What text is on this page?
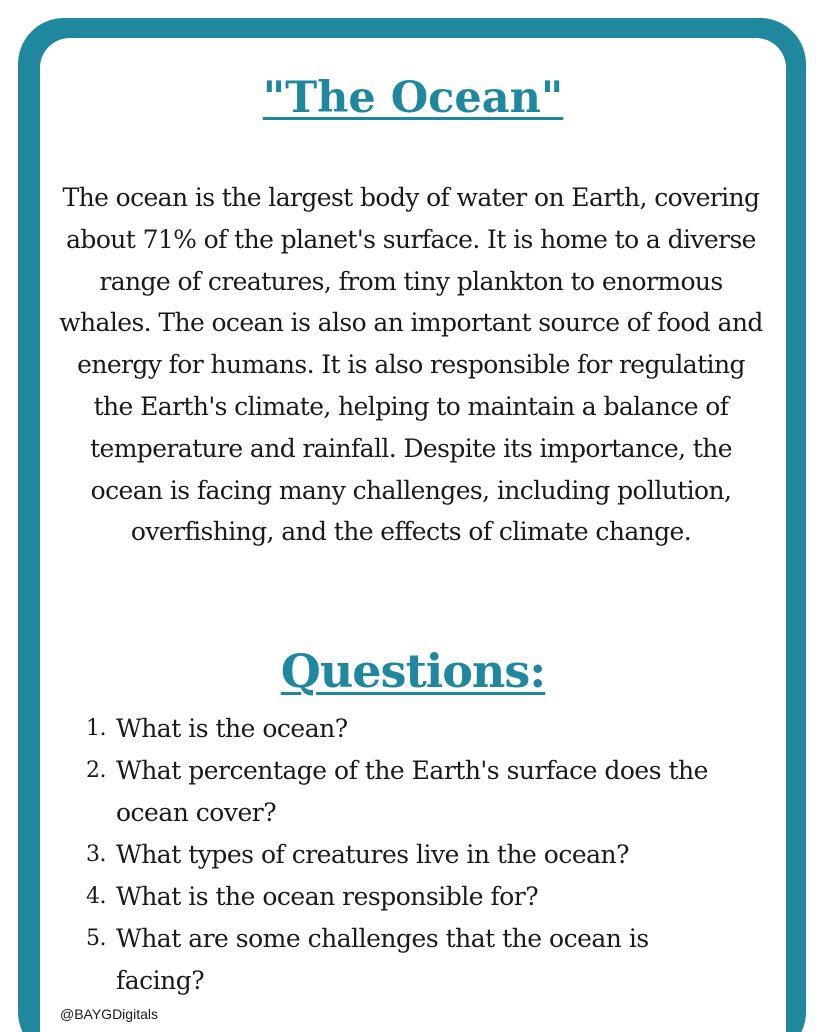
"The Ocean"

The ocean is the largest body of water on Earth, covering about 71% of the planet's surface. It is home to a diverse range of creatures, from tiny plankton to enormous whales. The ocean is also an important source of food and energy for humans. It is also responsible for regulating the Earth's climate, helping to maintain a balance of temperature and rainfall. Despite its importance, the ocean is facing many challenges, including pollution, overfishing, and the effects of climate change.

Questions:
1. What is the ocean?
2. What percentage of the Earth's surface does the ocean cover?
3. What types of creatures live in the ocean?
4. What is the ocean responsible for?
5. What are some challenges that the ocean is facing?

@BAYGDigitals
